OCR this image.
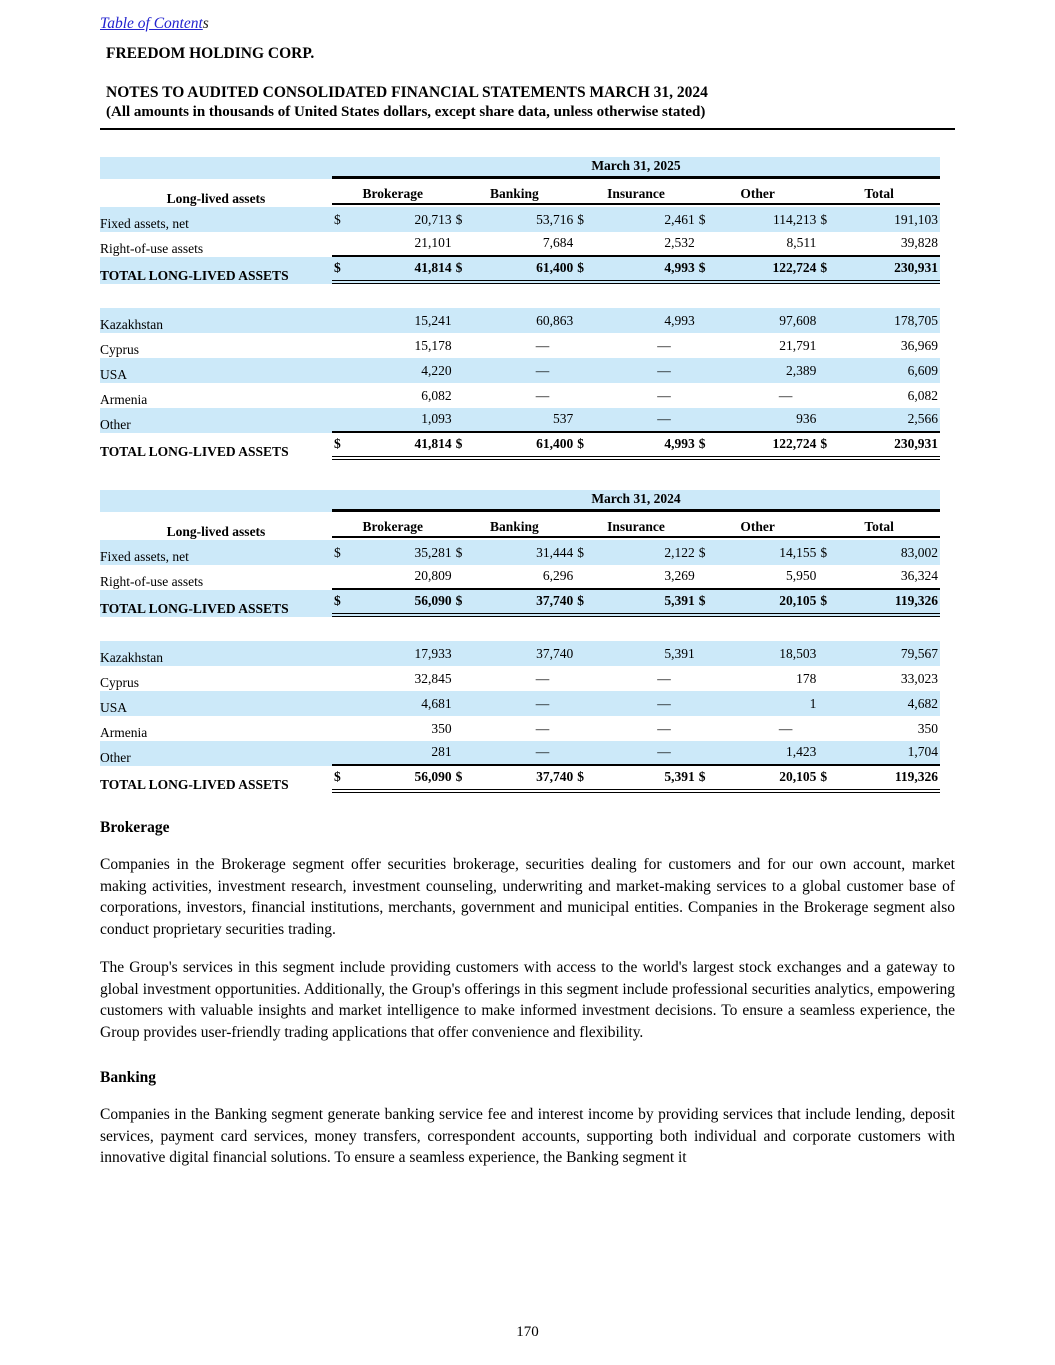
Table of Contents

FREEDOM HOLDING CORP.
NOTES TO AUDITED CONSOLIDATED FINANCIAL STATEMENTS MARCH 31, 2024
(All amounts in thousands of United States dollars, except share data, unless otherwise stated)

	March 31, 2025				

Long-lived assets	Brokerage	Banking	Insurance	Other	Total

Fixed assets, net	$ 20,713	$ 53,716	$ 2,461	$ 114,213	$ 191,103

Right-of-use assets	21,101	7,684	2,532	8,511	39,828

TOTAL LONG-LIVED ASSETS	$ 41,814	$ 61,400	$ 4,993	$ 122,724	$ 230,931

Kazakhstan	15,241	60,863	4,993	97,608	178,705

Cyprus	15,178	—	—	21,791	36,969

USA	4,220	—	—	2,389	6,609

Armenia	6,082	—	—	—	6,082

Other	1,093	537	—	936	2,566

TOTAL LONG-LIVED ASSETS	$ 41,814	$ 61,400	$ 4,993	$ 122,724	$ 230,931

	March 31, 2024				

Long-lived assets	Brokerage	Banking	Insurance	Other	Total

Fixed assets, net	$ 35,281	$ 31,444	$ 2,122	$ 14,155	$ 83,002

Right-of-use assets	20,809	6,296	3,269	5,950	36,324

TOTAL LONG-LIVED ASSETS	$ 56,090	$ 37,740	$ 5,391	$ 20,105	$ 119,326

Kazakhstan	17,933	37,740	5,391	18,503	79,567

Cyprus	32,845	—	—	178	33,023

USA	4,681	—	—	1	4,682

Armenia	350	—	—	—	350

Other	281	—	—	1,423	1,704

TOTAL LONG-LIVED ASSETS	$ 56,090	$ 37,740	$ 5,391	$ 20,105	$ 119,326
Brokerage

Companies in the Brokerage segment offer securities brokerage, securities dealing for customers and for our own account, market making activities, investment research, investment counseling, underwriting and market-making services to a global customer base of corporations, investors, financial institutions, merchants, government and municipal entities. Companies in the Brokerage segment also conduct proprietary securities trading.

The Group's services in this segment include providing customers with access to the world's largest stock exchanges and a gateway to global investment opportunities. Additionally, the Group's offerings in this segment include professional securities analytics, empowering customers with valuable insights and market intelligence to make informed investment decisions. To ensure a seamless experience, the Group provides user-friendly trading applications that offer convenience and flexibility.

Banking

Companies in the Banking segment generate banking service fee and interest income by providing services that include lending, deposit services, payment card services, money transfers, correspondent accounts, supporting both individual and corporate customers with innovative digital financial solutions. To ensure a seamless experience, the Banking segment it

170
